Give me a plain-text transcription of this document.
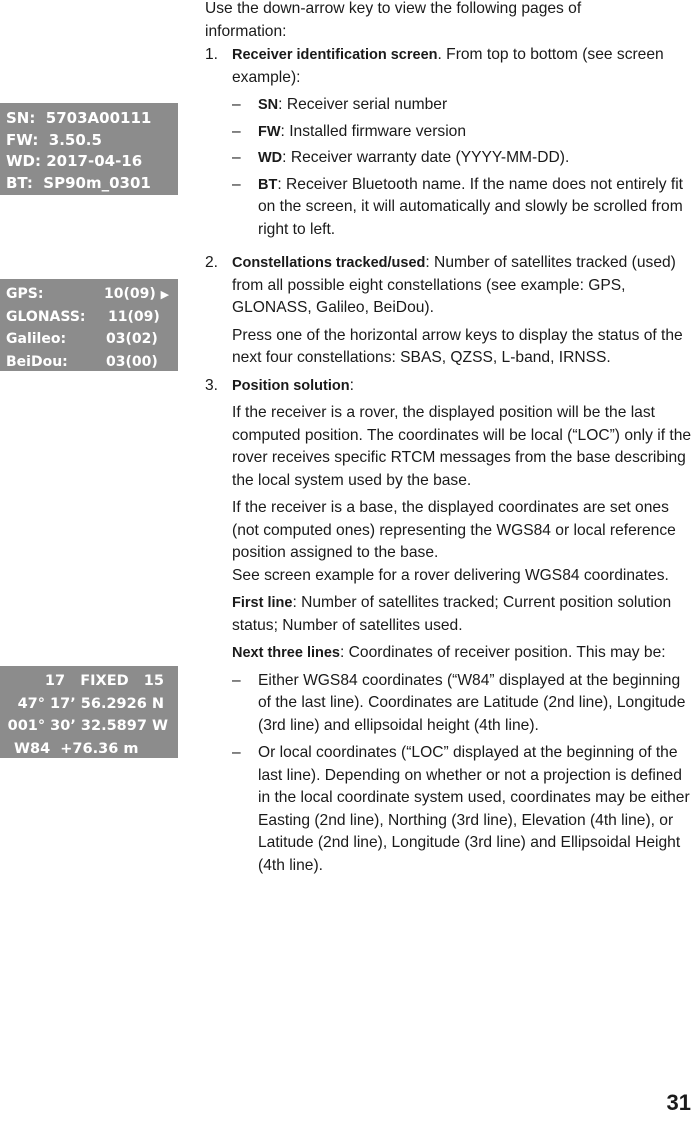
SN:  5703A00111
FW:  3.50.5
WD: 2017-04-16
BT:  SP90m_0301
GPS:	10(09) ▶
GLONASS: 11(09)
Galileo:	03(02)
BeiDou:	03(00)
17   FIXED   15
47° 17’ 56.2926 N
001° 30’ 32.5897 W
W84  +76.36 m

Use the down-arrow key to view the following pages of information:

1. Receiver identification screen. From top to bottom (see screen example):

–	SN: Receiver serial number

–	FW: Installed firmware version

–	WD: Receiver warranty date (YYYY-MM-DD).

–	BT: Receiver Bluetooth name. If the name does not entirely fit on the screen, it will automatically and slowly be scrolled from right to left.

2. Constellations tracked/used: Number of satellites tracked (used) from all possible eight constellations (see example: GPS, GLONASS, Galileo, BeiDou).

Press one of the horizontal arrow keys to display the status of the next four constellations: SBAS, QZSS, L-band, IRNSS.

3. Position solution:

If the receiver is a rover, the displayed position will be the last computed position. The coordinates will be local (“LOC”) only if the rover receives specific RTCM messages from the base describing the local system used by the base.

If the receiver is a base, the displayed coordinates are set ones (not computed ones) representing the WGS84 or local reference position assigned to the base.

See screen example for a rover delivering WGS84 coordinates.

First line: Number of satellites tracked; Current position solution status; Number of satellites used.

Next three lines: Coordinates of receiver position. This may be:

–	Either WGS84 coordinates (“W84” displayed at the beginning of the last line). Coordinates are Latitude (2nd line), Longitude (3rd line) and ellipsoidal height (4th line).

–	Or local coordinates (“LOC” displayed at the beginning of the last line). Depending on whether or not a projection is defined in the local coordinate system used, coordinates may be either Easting (2nd line), Northing (3rd line), Elevation (4th line), or Latitude (2nd line), Longitude (3rd line) and Ellipsoidal Height (4th line).

31
